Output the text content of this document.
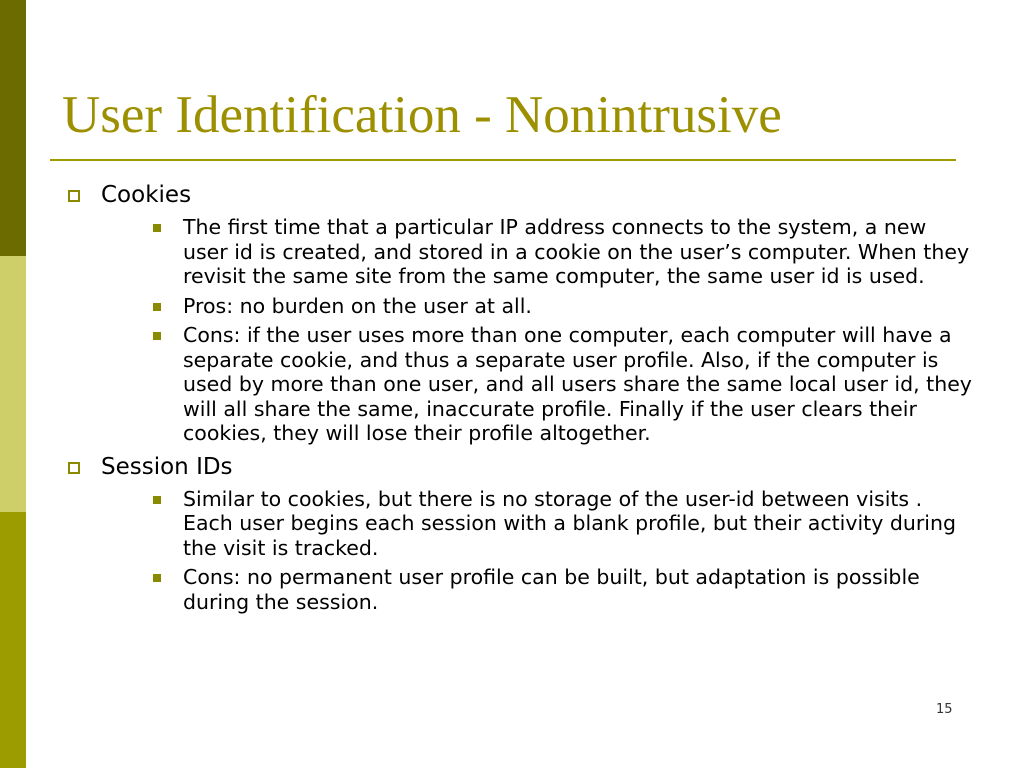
User Identification - Nonintrusive
Cookies
The first time that a particular IP address connects to the system, a new user id is created, and stored in a cookie on the user’s computer. When they revisit the same site from the same computer, the same user id is used.
Pros: no burden on the user at all.
Cons: if the user uses more than one computer, each computer will have a separate cookie, and thus a separate user profile. Also, if the computer is used by more than one user, and all users share the same local user id, they will all share the same, inaccurate profile. Finally if the user clears their cookies, they will lose their profile altogether.
Session IDs
Similar to cookies, but there is no storage of the user-id between visits . Each user begins each session with a blank profile, but their activity during the visit is tracked.
Cons: no permanent user profile can be built, but adaptation is possible during the session.
15
